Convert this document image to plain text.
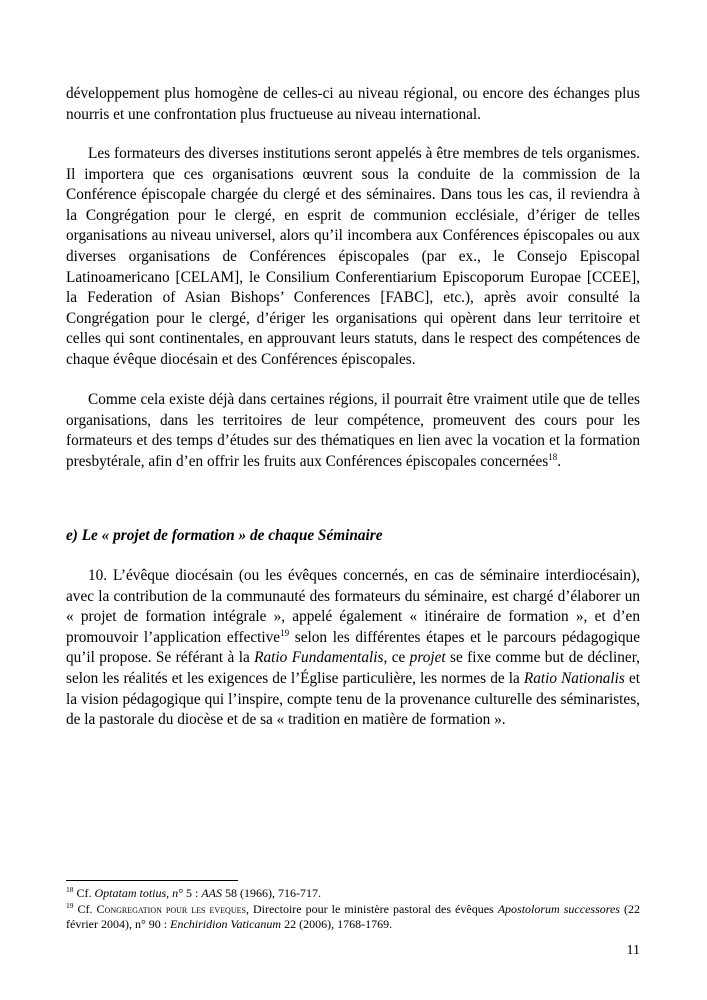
développement plus homogène de celles-ci au niveau régional, ou encore des échanges plus nourris et une confrontation plus fructueuse au niveau international.

Les formateurs des diverses institutions seront appelés à être membres de tels organismes. Il importera que ces organisations œuvrent sous la conduite de la commission de la Conférence épiscopale chargée du clergé et des séminaires. Dans tous les cas, il reviendra à la Congrégation pour le clergé, en esprit de communion ecclésiale, d’ériger de telles organisations au niveau universel, alors qu’il incombera aux Conférences épiscopales ou aux diverses organisations de Conférences épiscopales (par ex., le Consejo Episcopal Latinoamericano [CELAM], le Consilium Conferentiarium Episcoporum Europae [CCEE], la Federation of Asian Bishops’ Conferences [FABC], etc.), après avoir consulté la Congrégation pour le clergé, d’ériger les organisations qui opèrent dans leur territoire et celles qui sont continentales, en approuvant leurs statuts, dans le respect des compétences de chaque évêque diocésain et des Conférences épiscopales.

Comme cela existe déjà dans certaines régions, il pourrait être vraiment utile que de telles organisations, dans les territoires de leur compétence, promeuvent des cours pour les formateurs et des temps d’études sur des thématiques en lien avec la vocation et la formation presbytérale, afin d’en offrir les fruits aux Conférences épiscopales concernées$^{18}$.

e) Le « projet de formation » de chaque Séminaire

10. L’évêque diocésain (ou les évêques concernés, en cas de séminaire interdiocésain), avec la contribution de la communauté des formateurs du séminaire, est chargé d’élaborer un « projet de formation intégrale », appelé également « itinéraire de formation », et d’en promouvoir l’application effective$^{19}$ selon les différentes étapes et le parcours pédagogique qu’il propose. Se référant à la Ratio Fundamentalis, ce projet se fixe comme but de décliner, selon les réalités et les exigences de l’Église particulière, les normes de la Ratio Nationalis et la vision pédagogique qui l’inspire, compte tenu de la provenance culturelle des séminaristes, de la pastorale du diocèse et de sa « tradition en matière de formation ».

$^{18}$ Cf. Optatam totius, n° 5 : AAS 58 (1966), 716-717.

$^{19}$ Cf. Congregation pour les eveques, Directoire pour le ministère pastoral des évêques Apostolorum successores (22 février 2004), n° 90 : Enchiridion Vaticanum 22 (2006), 1768-1769.

11
